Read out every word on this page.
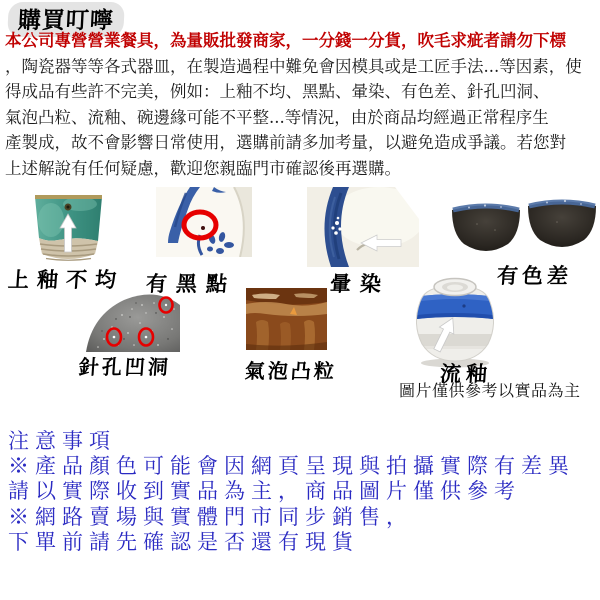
購買叮嚀
本公司專營營業餐具，為量販批發商家，一分錢一分貨，吹毛求疵者請勿下標
，陶瓷器等等各式器皿，在製造過程中難免會因模具或是工匠手法...等因素，使
得成品有些許不完美，例如：上釉不均、黑點、暈染、有色差、針孔凹洞、
氣泡凸粒、流釉、碗邊緣可能不平整...等情況，由於商品均經過正常程序生
產製成，故不會影響日常使用，選購前請多加考量，以避免造成爭議。若您對
上述解說有任何疑慮，歡迎您親臨門市確認後再選購。
上釉不均 有黑點	暈染	有色差
針孔凹洞	氣泡凸粒	流釉
圖片僅供參考以實品為主
注意事項
※產品顏色可能會因網頁呈現與拍攝實際有差異
請以實際收到實品為主，商品圖片僅供參考
※網路賣場與實體門市同步銷售，
下單前請先確認是否還有現貨
